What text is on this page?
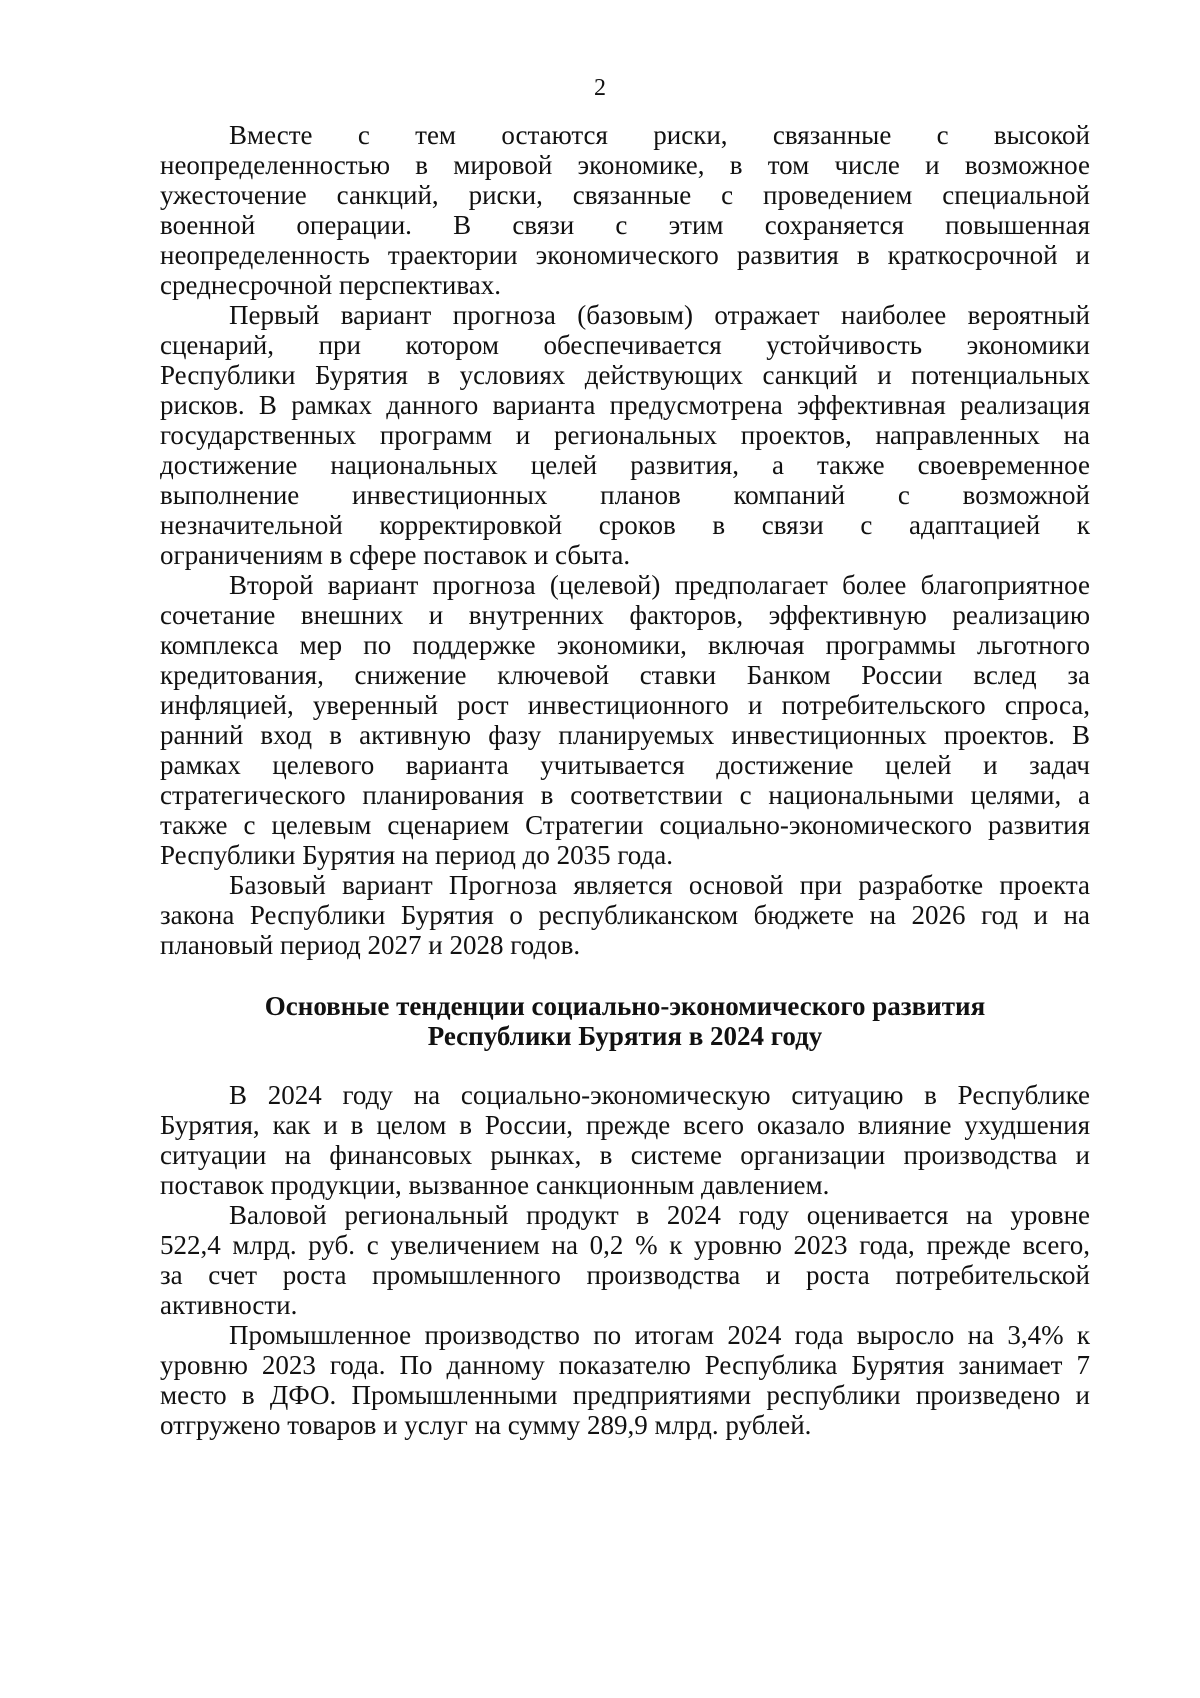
2
Вместе с тем остаются риски, связанные с высокой
неопределенностью в мировой экономике, в том числе и возможное
ужесточение санкций, риски, связанные с проведением специальной
военной операции. В связи с этим сохраняется повышенная
неопределенность траектории экономического развития в краткосрочной и
среднесрочной перспективах.
Первый вариант прогноза (базовым) отражает наиболее вероятный
сценарий, при котором обеспечивается устойчивость экономики
Республики Бурятия в условиях действующих санкций и потенциальных
рисков. В рамках данного варианта предусмотрена эффективная реализация
государственных программ и региональных проектов, направленных на
достижение национальных целей развития, а также своевременное
выполнение инвестиционных планов компаний с возможной
незначительной корректировкой сроков в связи с адаптацией к
ограничениям в сфере поставок и сбыта.
Второй вариант прогноза (целевой) предполагает более благоприятное
сочетание внешних и внутренних факторов, эффективную реализацию
комплекса мер по поддержке экономики, включая программы льготного
кредитования, снижение ключевой ставки Банком России вслед за
инфляцией, уверенный рост инвестиционного и потребительского спроса,
ранний вход в активную фазу планируемых инвестиционных проектов. В
рамках целевого варианта учитывается достижение целей и задач
стратегического планирования в соответствии с национальными целями, а
также с целевым сценарием Стратегии социально-экономического развития
Республики Бурятия на период до 2035 года.
Базовый вариант Прогноза является основой при разработке проекта
закона Республики Бурятия о республиканском бюджете на 2026 год и на
плановый период 2027 и 2028 годов.
Основные тенденции социально-экономического развития
Республики Бурятия в 2024 году
В 2024 году на социально-экономическую ситуацию в Республике
Бурятия, как и в целом в России, прежде всего оказало влияние ухудшения
ситуации на финансовых рынках, в системе организации производства и
поставок продукции, вызванное санкционным давлением.
Валовой региональный продукт в 2024 году оценивается на уровне
522,4 млрд. руб. с увеличением на 0,2 % к уровню 2023 года, прежде всего,
за счет роста промышленного производства и роста потребительской
активности.
Промышленное производство по итогам 2024 года выросло на 3,4% к
уровню 2023 года. По данному показателю Республика Бурятия занимает 7
место в ДФО. Промышленными предприятиями республики произведено и
отгружено товаров и услуг на сумму 289,9 млрд. рублей.
